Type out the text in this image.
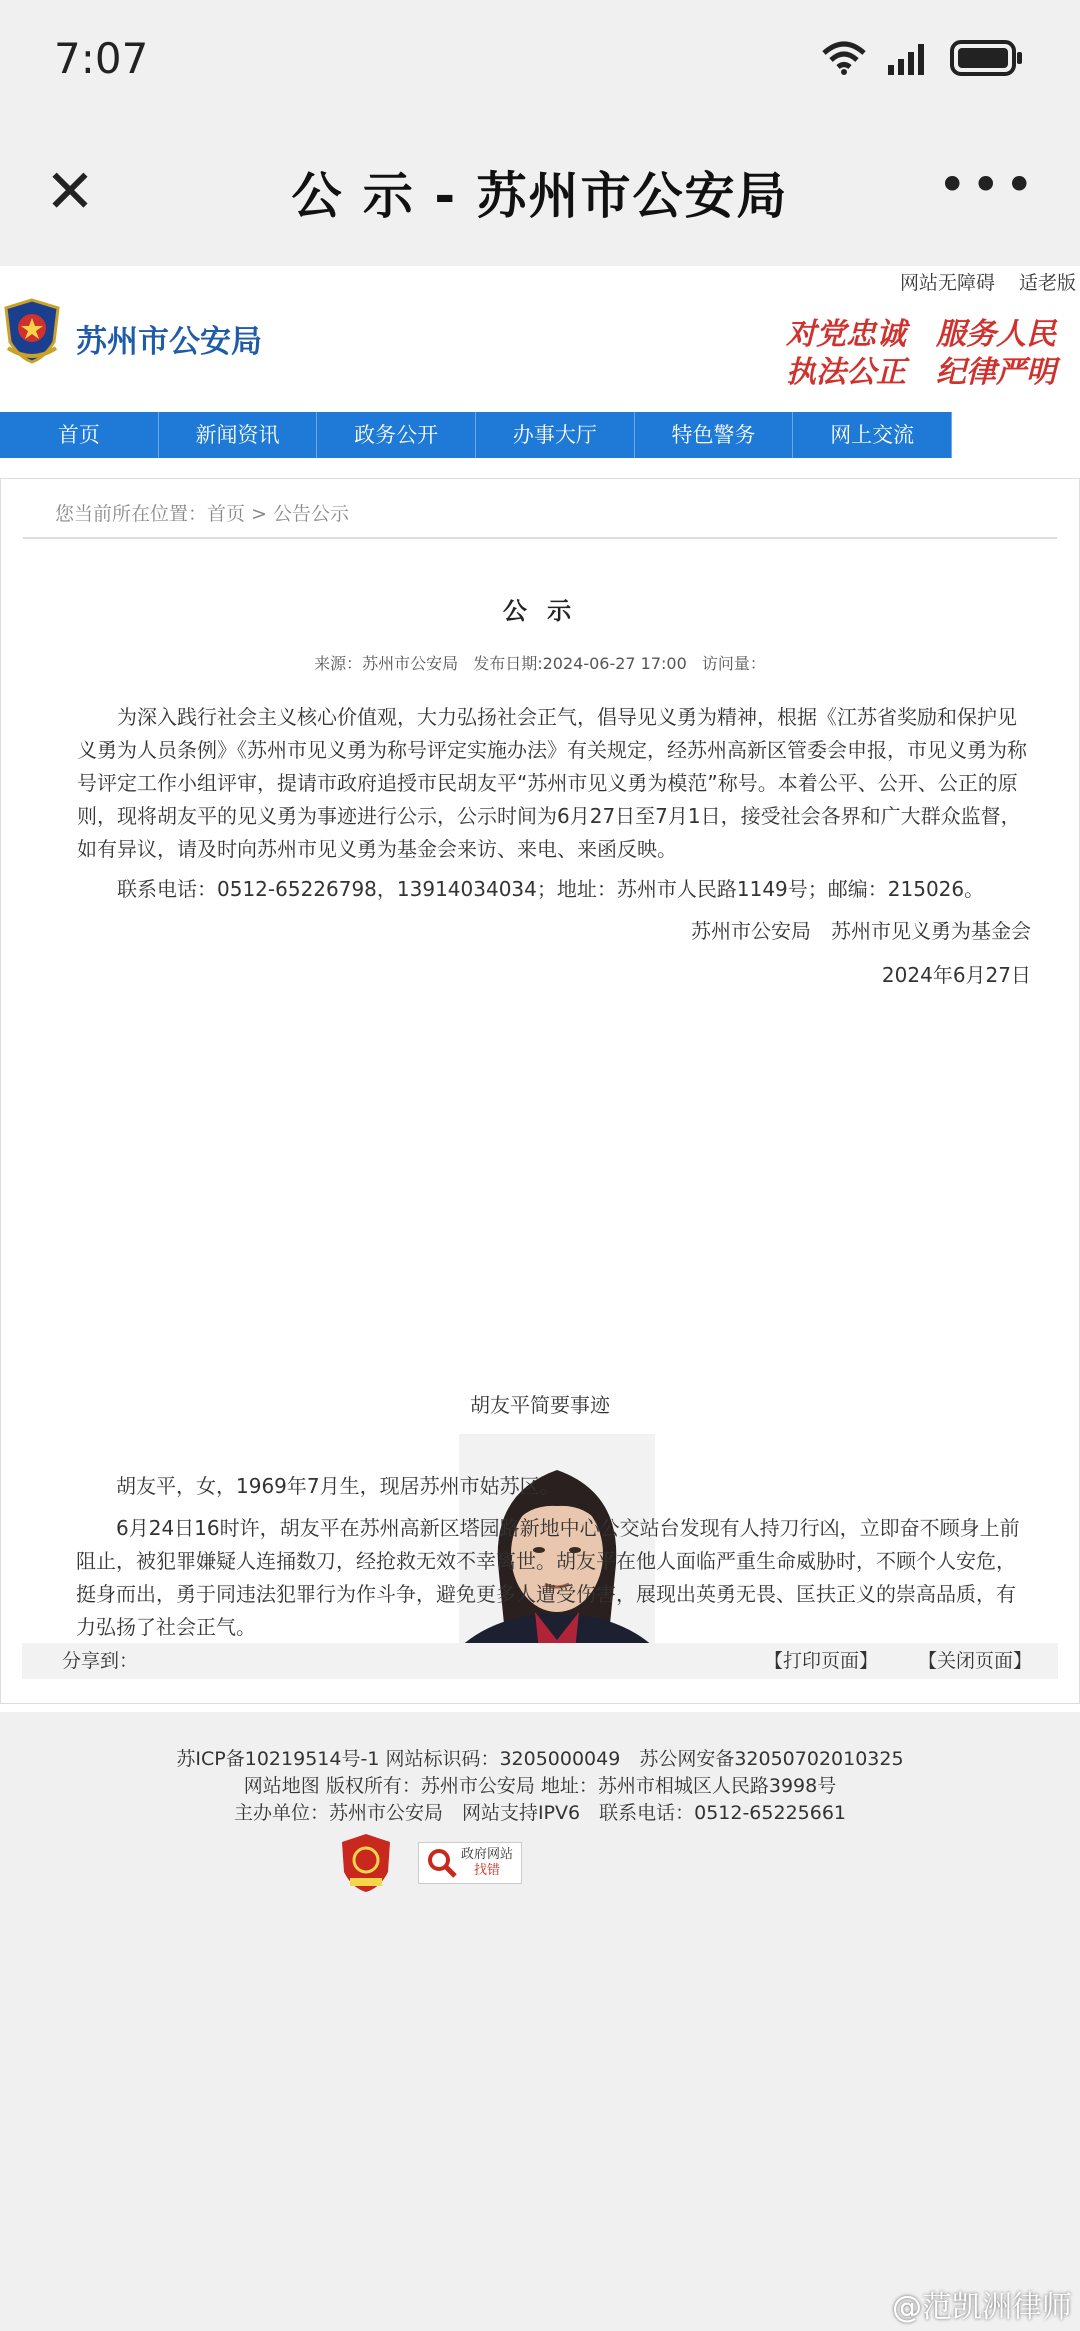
7:07
✕	公 示 - 苏州市公安局	•••
网站无障碍 适老版
苏州市公安局	对党忠诚　服务人民
执法公正　纪律严明
首页	新闻资讯	政务公开	办事大厅	特色警务	网上交流
您当前所在位置：首页 > 公告公示
公 示
来源：苏州市公安局 发布日期:2024-06-27 17:00 访问量：
为深入践行社会主义核心价值观，大力弘扬社会正气，倡导见义勇为精神，根据《江苏省奖励和保护见义勇为人员条例》《苏州市见义勇为称号评定实施办法》有关规定，经苏州高新区管委会申报，市见义勇为称号评定工作小组评审，提请市政府追授市民胡友平“苏州市见义勇为模范”称号。本着公平、公开、公正的原则，现将胡友平的见义勇为事迹进行公示，公示时间为6月27日至7月1日，接受社会各界和广大群众监督，如有异议，请及时向苏州市见义勇为基金会来访、来电、来函反映。
联系电话：0512-65226798，13914034034；地址：苏州市人民路1149号；邮编：215026。
苏州市公安局　苏州市见义勇为基金会
2024年6月27日
胡友平简要事迹
胡友平，女，1969年7月生，现居苏州市姑苏区。
6月24日16时许，胡友平在苏州高新区塔园路新地中心公交站台发现有人持刀行凶，立即奋不顾身上前阻止，被犯罪嫌疑人连捅数刀，经抢救无效不幸离世。胡友平在他人面临严重生命威胁时，不顾个人安危，挺身而出，勇于同违法犯罪行为作斗争，避免更多人遭受伤害，展现出英勇无畏、匡扶正义的崇高品质，有力弘扬了社会正气。
分享到：	【打印页面】 【关闭页面】
苏ICP备10219514号-1 网站标识码：3205000049　苏公网安备32050702010325
网站地图 版权所有：苏州市公安局 地址：苏州市相城区人民路3998号
主办单位：苏州市公安局　网站支持IPV6　联系电话：0512-65225661
政府网站
找错
@范凯洲律师
